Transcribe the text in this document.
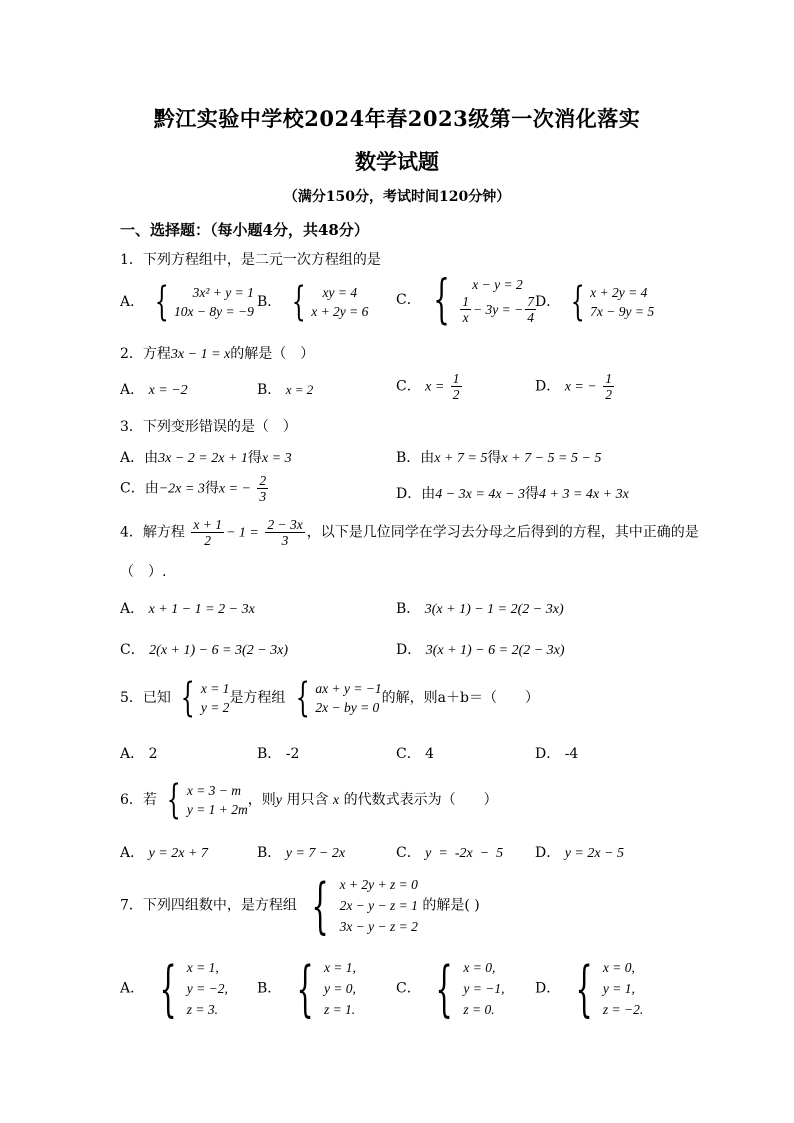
黔江实验中学校2024年春2023级第一次消化落实
数学试题
（满分150分，考试时间120分钟）
一、选择题：（每小题4分，共48分）
1．下列方程组中，是二元一次方程组的是
A． { 3x² + y = 1
10x − 8y = −9
B． { xy = 4
x + 2y = 6
C． { x − y = 2
$\frac{1}{x} - 3y$ = − $\frac{7}{4}$ D． { x + 2y = 4
7x − 9y = 5
2．方程3x − 1 = x的解是（　）
A． x = −2	B． x = 2	C． $x = \frac{1}{2}$	D． x = − $\frac{1}{2}$
3．下列变形错误的是（　）
A．由3x − 2 = 2x + 1得x = 3	B．由x + 7 = 5得x + 7 − 5 = 5 − 5
C．由−2x = 3得x = − $\frac{2}{3}$	D．由4 − 3x = 4x − 3得4 + 3 = 4x + 3x
4．解方程 $\frac{x + 1}{2} - 1 = \frac{2 - 3x}{3}$ ，以下是几位同学在学习去分母之后得到的方程，其中正确的是
（　）.
A． x + 1 − 1 = 2 − 3x	B． 3(x + 1) − 1 = 2(2 − 3x)
C． 2(x + 1) − 6 = 3(2 − 3x)	D． 3(x + 1) − 6 = 2(2 − 3x)
5．已知 { x = 1
y = 2
是方程组 { ax + y = −1
2x − by = 0
的解，则a＋b＝（　　）
A． 2	B． -2	C． 4	D． -4
6．若 { x = 3 − m
y = 1 + 2m
，则y 用只含 x 的代数式表示为（　　）
A． y = 2x + 7	B． y = 7 − 2x	C． y  =  -2x  −  5 D． y = 2x − 5
7．下列四组数中，是方程组 { x + 2y + z = 0
2x − y − z = 1
3x − y − z = 2
的解是( )
A． { x = 1,
y = −2,
z = 3.
B． { x = 1,
y = 0,
z = 1.
C． { x = 0,
y = −1,
z = 0.
D． { x = 0,
y = 1,
z = −2.
